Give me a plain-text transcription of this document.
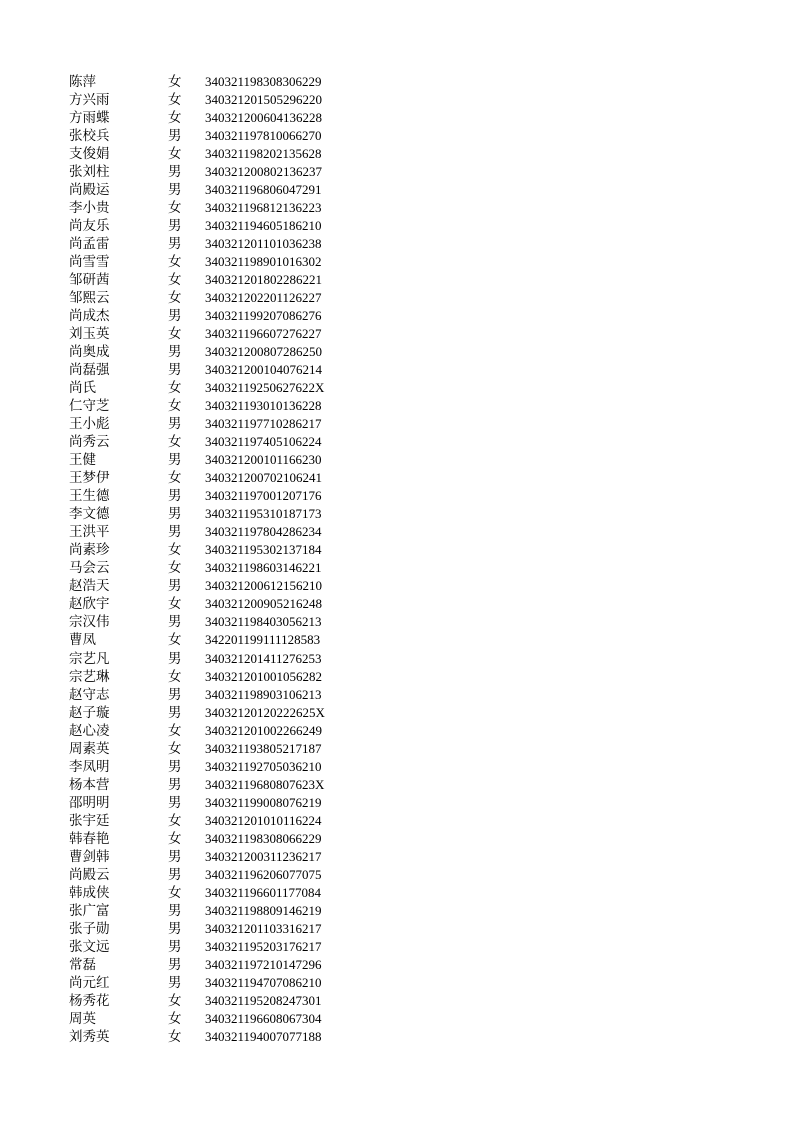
陈萍	女 340321198308306229
方兴雨	女 340321201505296220
方雨蝶	女 340321200604136228
张校兵	男 340321197810066270
支俊娟	女 340321198202135628
张刘柱	男 340321200802136237
尚殿运	男 340321196806047291
李小贵	女 340321196812136223
尚友乐	男 340321194605186210
尚孟雷	男 340321201101036238
尚雪雪	女 340321198901016302
邹研茜	女 340321201802286221
邹熙云	女 340321202201126227
尚成杰	男 340321199207086276
刘玉英	女 340321196607276227
尚奥成	男 340321200807286250
尚磊强	男 340321200104076214
尚氏	女 34032119250627622X
仁守芝	女 340321193010136228
王小彪	男 340321197710286217
尚秀云	女 340321197405106224
王健	男 340321200101166230
王梦伊	女 340321200702106241
王生德	男 340321197001207176
李文德	男 340321195310187173
王洪平	男 340321197804286234
尚素珍	女 340321195302137184
马会云	女 340321198603146221
赵浩天	男 340321200612156210
赵欣宇	女 340321200905216248
宗汉伟	男 340321198403056213
曹凤	女 342201199111128583
宗艺凡	男 340321201411276253
宗艺琳	女 340321201001056282
赵守志	男 340321198903106213
赵子璇	男 34032120120222625X
赵心凌	女 340321201002266249
周素英	女 340321193805217187
李凤明	男 340321192705036210
杨本营	男 34032119680807623X
邵明明	男 340321199008076219
张宇廷	女 340321201010116224
韩春艳	女 340321198308066229
曹剑韩	男 340321200311236217
尚殿云	男 340321196206077075
韩成侠	女 340321196601177084
张广富	男 340321198809146219
张子勋	男 340321201103316217
张文远	男 340321195203176217
常磊	男 340321197210147296
尚元红	男 340321194707086210
杨秀花	女 340321195208247301
周英	女 340321196608067304
刘秀英	女 340321194007077188
